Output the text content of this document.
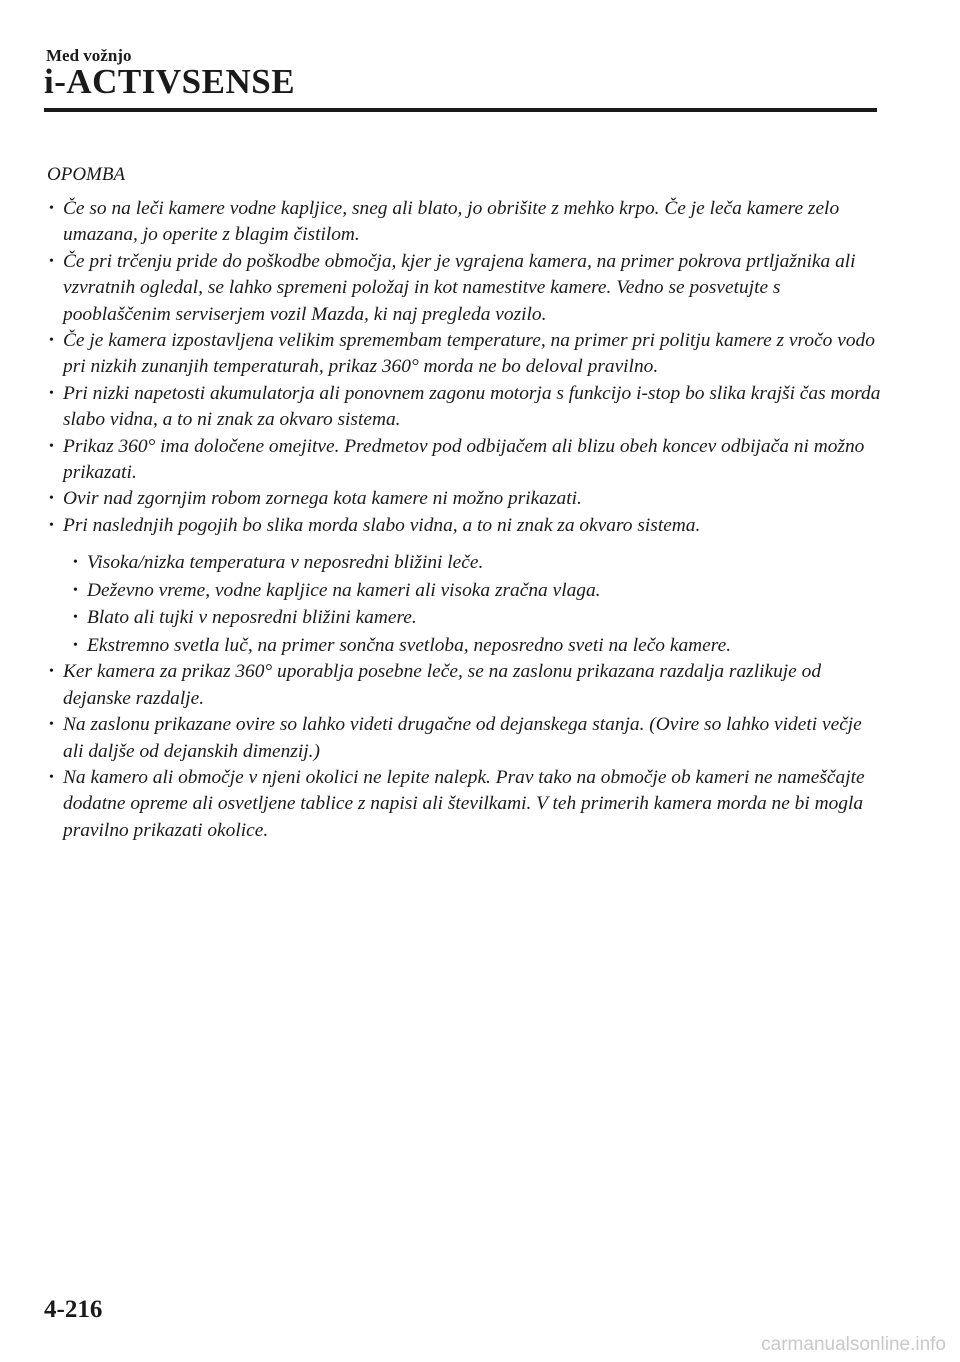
Med vožnjo
i-ACTIVSENSE
OPOMBA
• Če so na leči kamere vodne kapljice, sneg ali blato, jo obrišite z mehko krpo. Če je leča kamere zelo umazana, jo operite z blagim čistilom.
• Če pri trčenju pride do poškodbe območja, kjer je vgrajena kamera, na primer pokrova prtljažnika ali vzvratnih ogledal, se lahko spremeni položaj in kot namestitve kamere. Vedno se posvetujte s pooblaščenim serviserjem vozil Mazda, ki naj pregleda vozilo.
• Če je kamera izpostavljena velikim spremembam temperature, na primer pri politju kamere z vročo vodo pri nizkih zunanjih temperaturah, prikaz 360° morda ne bo deloval pravilno.
• Pri nizki napetosti akumulatorja ali ponovnem zagonu motorja s funkcijo i-stop bo slika krajši čas morda slabo vidna, a to ni znak za okvaro sistema.
• Prikaz 360° ima določene omejitve. Predmetov pod odbijačem ali blizu obeh koncev odbijača ni možno prikazati.
• Ovir nad zgornjim robom zornega kota kamere ni možno prikazati.
• Pri naslednjih pogojih bo slika morda slabo vidna, a to ni znak za okvaro sistema.
• Visoka/nizka temperatura v neposredni bližini leče.
• Deževno vreme, vodne kapljice na kameri ali visoka zračna vlaga.
• Blato ali tujki v neposredni bližini kamere.
• Ekstremno svetla luč, na primer sončna svetloba, neposredno sveti na lečo kamere.
• Ker kamera za prikaz 360° uporablja posebne leče, se na zaslonu prikazana razdalja razlikuje od dejanske razdalje.
• Na zaslonu prikazane ovire so lahko videti drugačne od dejanskega stanja. (Ovire so lahko videti večje ali daljše od dejanskih dimenzij.)
• Na kamero ali območje v njeni okolici ne lepite nalepk. Prav tako na območje ob kameri ne nameščajte dodatne opreme ali osvetljene tablice z napisi ali številkami. V teh primerih kamera morda ne bi mogla pravilno prikazati okolice.
4-216
carmanualsonline.info
